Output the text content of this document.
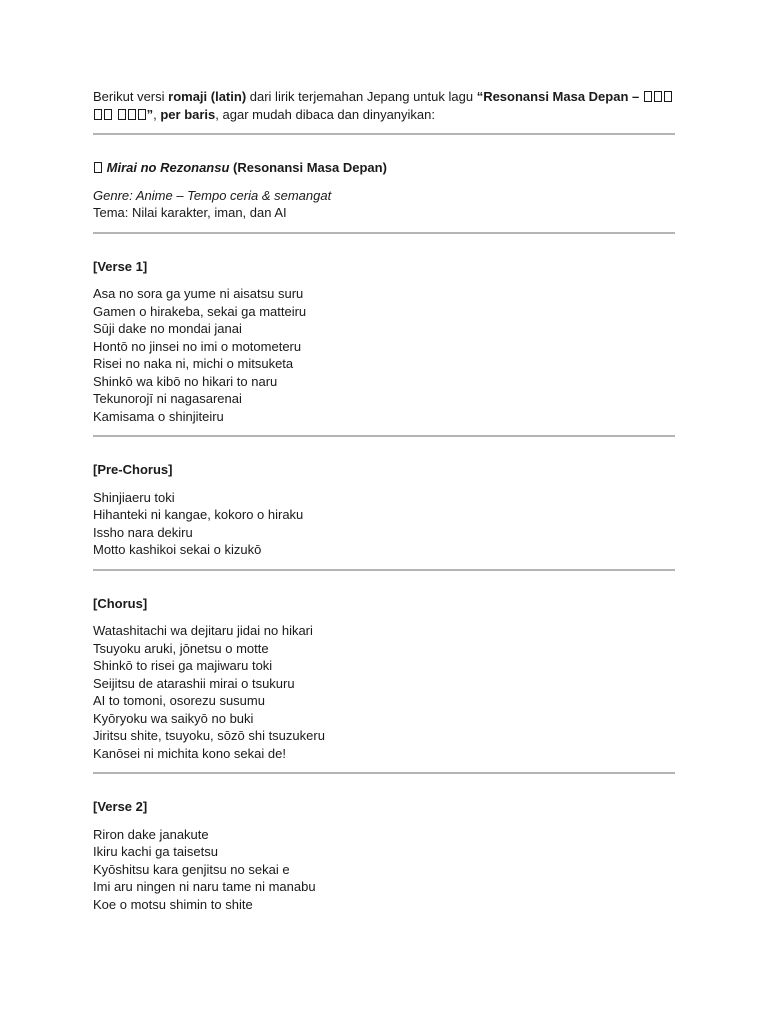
Berikut versi romaji (latin) dari lirik terjemahan Jepang untuk lagu “Resonansi Masa Depan –  ”, per baris, agar mudah dibaca dan dinyanyikan:

Mirai no Rezonansu (Resonansi Masa Depan)

Genre: Anime – Tempo ceria & semangat
Tema: Nilai karakter, iman, dan AI

[Verse 1]

Asa no sora ga yume ni aisatsu suru
Gamen o hirakeba, sekai ga matteiru
Sūji dake no mondai janai
Hontō no jinsei no imi o motometeru
Risei no naka ni, michi o mitsuketa
Shinkō wa kibō no hikari to naru
Tekunorojī ni nagasarenai
Kamisama o shinjiteiru

[Pre-Chorus]

Shinjiaeru toki
Hihanteki ni kangae, kokoro o hiraku
Issho nara dekiru
Motto kashikoi sekai o kizukō

[Chorus]

Watashitachi wa dejitaru jidai no hikari
Tsuyoku aruki, jōnetsu o motte
Shinkō to risei ga majiwaru toki
Seijitsu de atarashii mirai o tsukuru
AI to tomoni, osorezu susumu
Kyōryoku wa saikyō no buki
Jiritsu shite, tsuyoku, sōzō shi tsuzukeru
Kanōsei ni michita kono sekai de!

[Verse 2]

Riron dake janakute
Ikiru kachi ga taisetsu
Kyōshitsu kara genjitsu no sekai e
Imi aru ningen ni naru tame ni manabu
Koe o motsu shimin to shite
